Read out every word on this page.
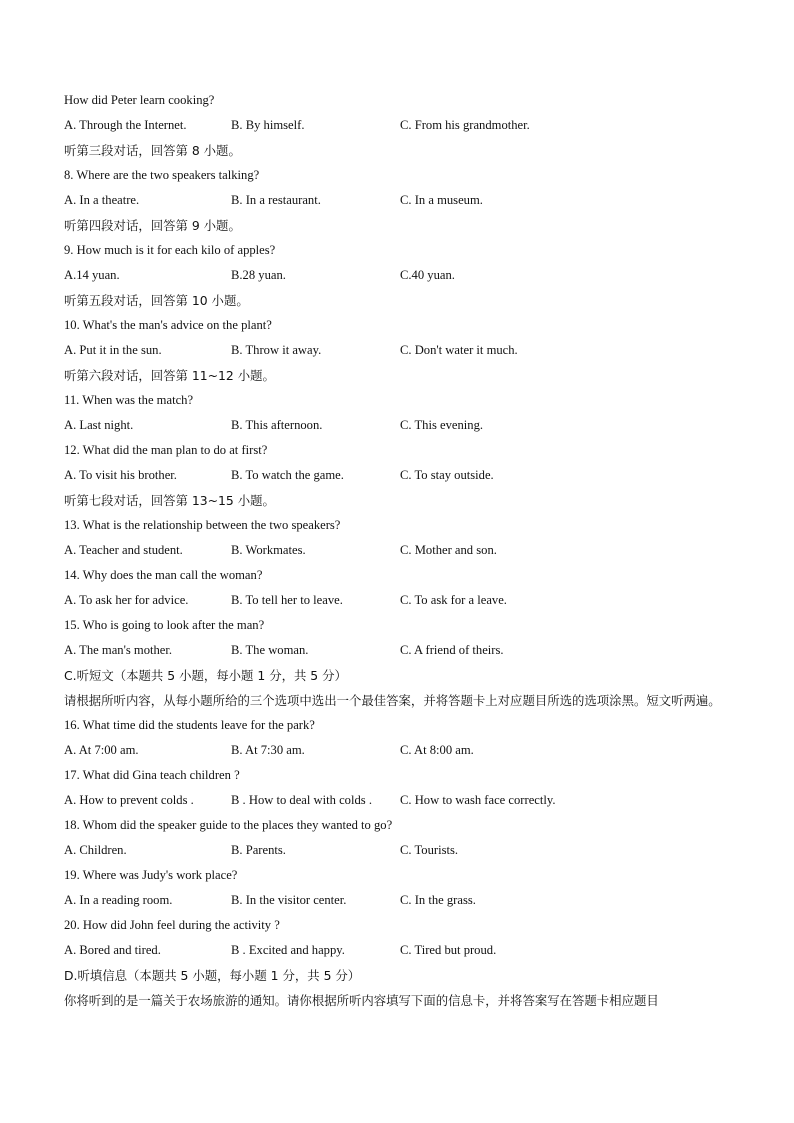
How did Peter learn cooking?
A. Through the Internet.	B. By himself.	C. From his grandmother.
听第三段对话，回答第 8 小题。
8. Where are the two speakers talking?
A. In a theatre.	B. In a restaurant.	C. In a museum.
听第四段对话，回答第 9 小题。
9. How much is it for each kilo of apples?
A.14 yuan.	B.28 yuan.	C.40 yuan.
听第五段对话，回答第 10 小题。
10. What's the man's advice on the plant?
A. Put it in the sun.	B. Throw it away.	C. Don't water it much.
听第六段对话，回答第 11~12 小题。
11. When was the match?
A. Last night.	B. This afternoon.	C. This evening.
12. What did the man plan to do at first?
A. To visit his brother.	B. To watch the game.	C. To stay outside.
听第七段对话，回答第 13~15 小题。
13. What is the relationship between the two speakers?
A. Teacher and student.	B. Workmates.	C. Mother and son.
14. Why does the man call the woman?
A. To ask her for advice.	B. To tell her to leave.	C. To ask for a leave.
15. Who is going to look after the man?
A. The man's mother.	B. The woman.	C. A friend of theirs.
C.听短文（本题共 5 小题，每小题 1 分，共 5 分）
请根据所听内容，从每小题所给的三个选项中选出一个最佳答案，并将答题卡上对应题目所选的选项涂黑。短文听两遍。
16. What time did the students leave for the park?
A. At 7:00 am.	B. At 7:30 am.	C. At 8:00 am.
17. What did Gina teach children ?
A. How to prevent colds .	B . How to deal with colds . C. How to wash face correctly.
18. Whom did the speaker guide to the places they wanted to go?
A. Children.	B. Parents.	C. Tourists.
19. Where was Judy's work place?
A. In a reading room.	B. In the visitor center.	C. In the grass.
20. How did John feel during the activity ?
A. Bored and tired.	B . Excited and happy.	C. Tired but proud.
D.听填信息（本题共 5 小题，每小题 1 分，共 5 分）
你将听到的是一篇关于农场旅游的通知。请你根据所听内容填写下面的信息卡，并将答案写在答题卡相应题目
